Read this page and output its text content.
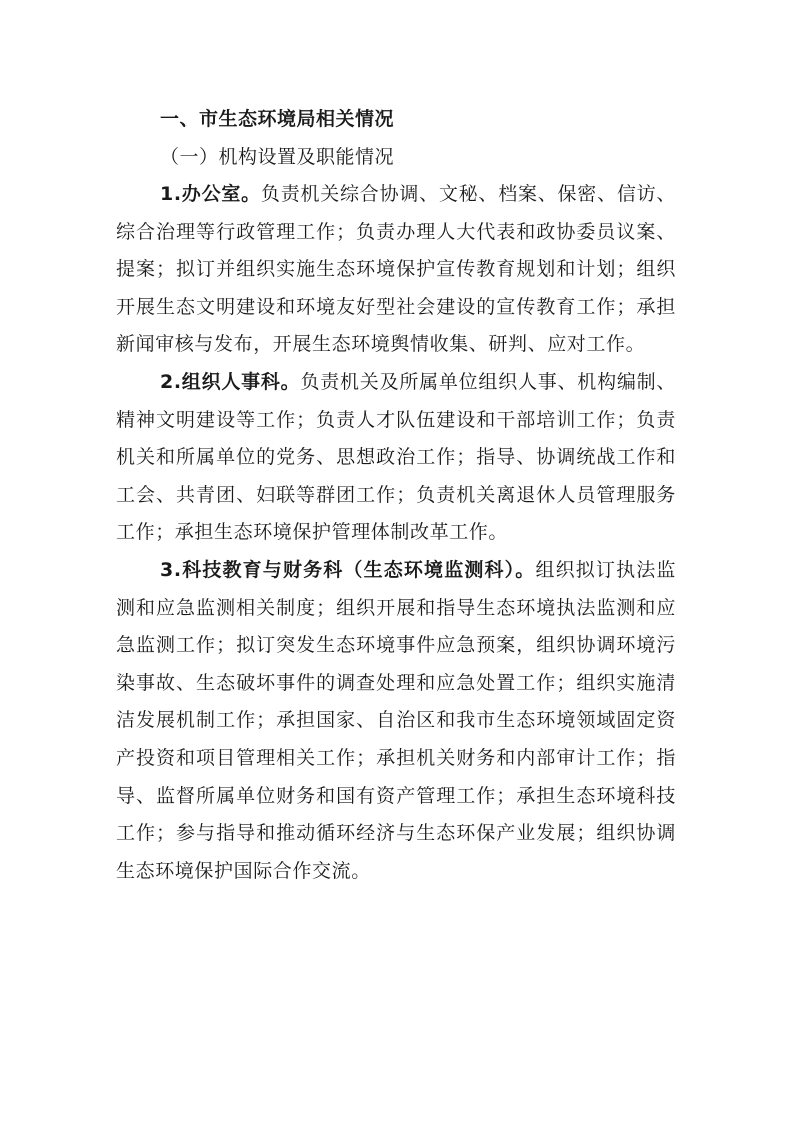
一、市生态环境局相关情况

（一）机构设置及职能情况

1.办公室。负责机关综合协调、文秘、档案、保密、信访、综合治理等行政管理工作；负责办理人大代表和政协委员议案、提案；拟订并组织实施生态环境保护宣传教育规划和计划；组织开展生态文明建设和环境友好型社会建设的宣传教育工作；承担新闻审核与发布，开展生态环境舆情收集、研判、应对工作。

2.组织人事科。负责机关及所属单位组织人事、机构编制、精神文明建设等工作；负责人才队伍建设和干部培训工作；负责机关和所属单位的党务、思想政治工作；指导、协调统战工作和工会、共青团、妇联等群团工作；负责机关离退休人员管理服务工作；承担生态环境保护管理体制改革工作。

3.科技教育与财务科（生态环境监测科）。组织拟订执法监测和应急监测相关制度；组织开展和指导生态环境执法监测和应急监测工作；拟订突发生态环境事件应急预案，组织协调环境污染事故、生态破坏事件的调查处理和应急处置工作；组织实施清洁发展机制工作；承担国家、自治区和我市生态环境领域固定资产投资和项目管理相关工作；承担机关财务和内部审计工作；指导、监督所属单位财务和国有资产管理工作；承担生态环境科技工作；参与指导和推动循环经济与生态环保产业发展；组织协调生态环境保护国际合作交流。
